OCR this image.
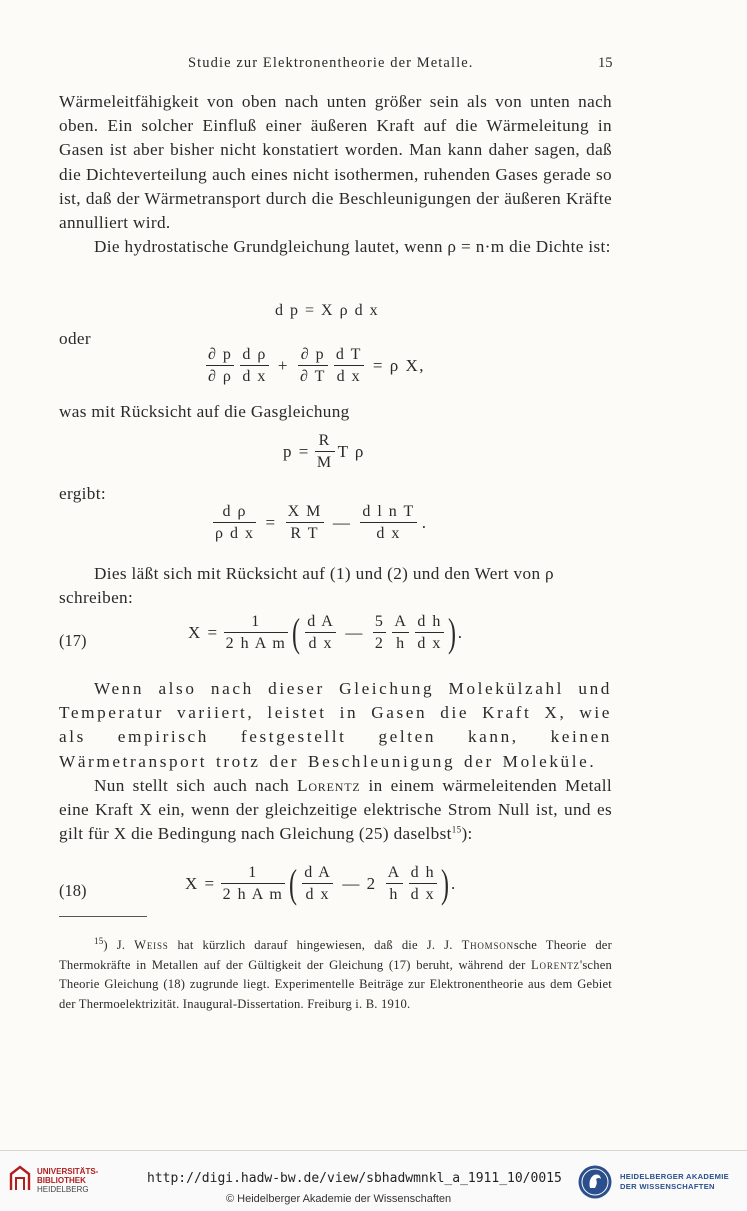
Studie zur Elektronentheorie der Metalle.	15

Wärmeleitfähigkeit von oben nach unten größer sein als von unten nach oben. Ein solcher Einfluß einer äußeren Kraft auf die Wärmeleitung in Gasen ist aber bisher nicht konstatiert worden. Man kann daher sagen, daß die Dichteverteilung auch eines nicht isothermen, ruhenden Gases gerade so ist, daß der Wärmetransport durch die Beschleunigungen der äußeren Kräfte annulliert wird.

Die hydrostatische Grundgleichung lautet, wenn ρ = n·m die Dichte ist:

d p = X ρ d x

oder

$\frac{\partial p}{\partial \rho} \frac{\text{d ρ}}{\text{d x}} + \frac{\partial p}{\partial T} \frac{\text{d T}}{\text{d x}} = \rho$ X,

was mit Rücksicht auf die Gasgleichung

$p = \frac{R}{M}$ T ρ

ergibt:

$\frac{\text{d ρ}}{\text{ρ d x}} = \frac{\text{X M}}{\text{R T}}$ — $\frac{\text{d l n T}}{\text{d x}}$ .

Dies läßt sich mit Rücksicht auf (1) und (2) und den Wert von ρ schreiben:

(17)	$X = \frac{1}{\text{2 h A m}}$ ( $\frac{\text{d A}}{\text{d x}}$ — $\frac{5}{2} \frac{A}{h} \frac{\text{d h}}{\text{d x}}$ ).

Wenn also nach dieser Gleichung Molekülzahl und Temperatur variiert, leistet in Gasen die Kraft X, wie als empirisch festgestellt gelten kann, keinen Wärmetransport trotz der Beschleunigung der Moleküle.

Nun stellt sich auch nach Lorentz in einem wärmeleitenden Metall eine Kraft X ein, wenn der gleichzeitige elektrische Strom Null ist, und es gilt für X die Bedingung nach Gleichung (25) daselbst$^{15}$):

(18)	$X = \frac{1}{\text{2 h A m}}$ ( $\frac{\text{d A}}{\text{d x}}$ — $2 \frac{A}{h} \frac{\text{d h}}{\text{d x}}$ ).

$^{15}$) J. Weiss hat kürzlich darauf hingewiesen, daß die J. J. Thomsonsche Theorie der Thermokräfte in Metallen auf der Gültigkeit der Gleichung (17) beruht, während der Lorentz'schen Theorie Gleichung (18) zugrunde liegt. Experimentelle Beiträge zur Elektronentheorie aus dem Gebiet der Thermoelektrizität. Inaugural-Dissertation. Freiburg i. B. 1910.

UNIVERSITÄTS-
BIBLIOTHEK
HEIDELBERG
http://digi.hadw-bw.de/view/sbhadwmnkl_a_1911_10/0015
© Heidelberger Akademie der Wissenschaften
HEIDELBERGER AKADEMIE
DER WISSENSCHAFTEN
